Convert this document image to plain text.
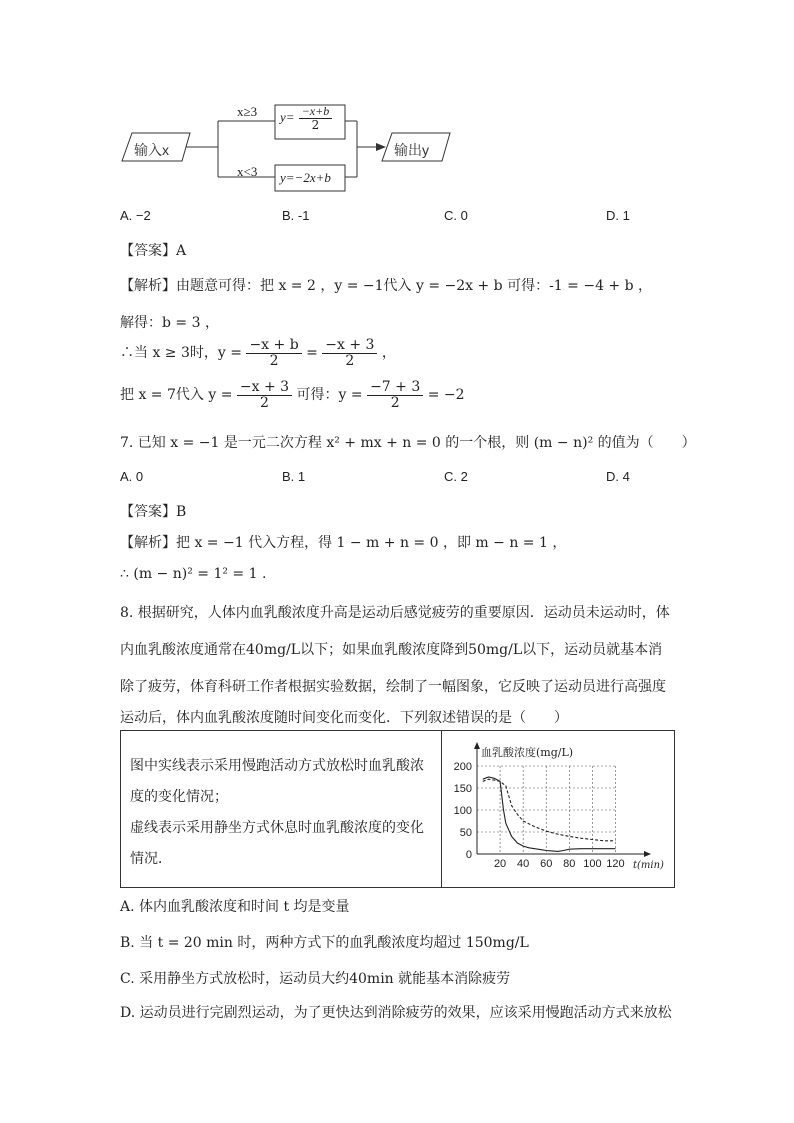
输入x	输出y
x≥3
x<3
$y= \frac{-x+b}{2}$
y=−2x+b
A. −2	B. -1	C. 0	D. 1
【答案】A
【解析】由题意可得：把 x = 2 ，y = −1代入 y = −2x + b 可得：-1 = −4 + b ，
解得：b = 3 ，
∴当 x ≥ 3时，$y = \frac{-x + b}{2} = \frac{-x + 3}{2}$ ，
把 x = 7代入 $y = \frac{-x + 3}{2}$ 可得：$y = \frac{-7 + 3}{2} = -2$
7. 已知 x = −1 是一元二次方程 x² + mx + n = 0 的一个根，则 (m − n)² 的值为（　　）
A. 0	B. 1	C. 2	D. 4
【答案】B
【解析】把 x = −1 代入方程，得 1 − m + n = 0 ，即 m − n = 1 ，
∴ (m − n)² = 1² = 1 .
8. 根据研究，人体内血乳酸浓度升高是运动后感觉疲劳的重要原因．运动员未运动时，体
内血乳酸浓度通常在40mg/L以下；如果血乳酸浓度降到50mg/L以下，运动员就基本消
除了疲劳，体育科研工作者根据实验数据，绘制了一幅图象，它反映了运动员进行高强度
运动后，体内血乳酸浓度随时间变化而变化．下列叙述错误的是（　　）
图中实线表示采用慢跑活动方式放松时血乳酸浓
度的变化情况；
虚线表示采用静坐方式休息时血乳酸浓度的变化
情况．	20 40 60 80 100 120
0
50
100
150
200
血乳酸浓度(mg/L)
t(min)
A. 体内血乳酸浓度和时间 t 均是变量
B. 当 t = 20 min 时，两种方式下的血乳酸浓度均超过 150mg/L
C. 采用静坐方式放松时，运动员大约40min 就能基本消除疲劳
D. 运动员进行完剧烈运动，为了更快达到消除疲劳的效果，应该采用慢跑活动方式来放松
